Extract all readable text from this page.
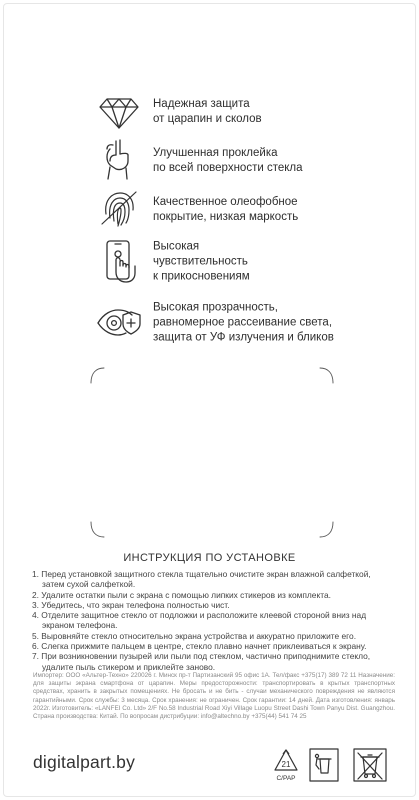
Надежная защита
от царапин и сколов
Улучшенная проклейка
по всей поверхности стекла
Качественное олеофобное
покрытие, низкая маркость
Высокая
чувствительность
к прикосновениям
Высокая прозрачность,
равномерное рассеивание света,
защита от УФ излучения и бликов
ИНСТРУКЦИЯ ПО УСТАНОВКЕ
1. Перед установкой защитного стекла тщательно очистите экран влажной салфеткой, затем сухой салфеткой.
2. Удалите остатки пыли с экрана с помощью липких стикеров из комплекта.
3. Убедитесь, что экран телефона полностью чист.
4. Отделите защитное стекло от подложки и расположите клеевой стороной вниз над экраном телефона.
5. Выровняйте стекло относительно экрана устройства и аккуратно приложите его.
6. Слегка прижмите пальцем в центре, стекло плавно начнет приклеиваться к экрану.
7. При возникновении пузырей или пыли под стеклом, частично приподнимите стекло, удалите пыль стикером и приклейте заново.
Импортер: ООО «Альтер-Техно» 220026 г. Минск пр-т Партизанский 95 офис 1А. Тел/факс +375(17) 389 72 11 Назначение: для защиты экрана смартфона от царапин. Меры предосторожности: транспортировать в крытых транспортных средствах, хранить в закрытых помещениях. Не бросать и не бить - случаи механического повреждения не являются гарантийными. Срок службы: 3 месяца. Срок хранения: не ограничен. Срок гарантии: 14 дней. Дата изготовления: январь 2022г. Изготовитель: «LANFEI Co. Ltd» 2/F No.58 Industrial Road Xiyi Village Luopu Street Dashi Town Panyu Dist. Guangzhou. Страна производства: Китай. По вопросам дистрибуции: info@altechno.by +375(44) 541 74 25
digitalpart.by	21
C/PAP
